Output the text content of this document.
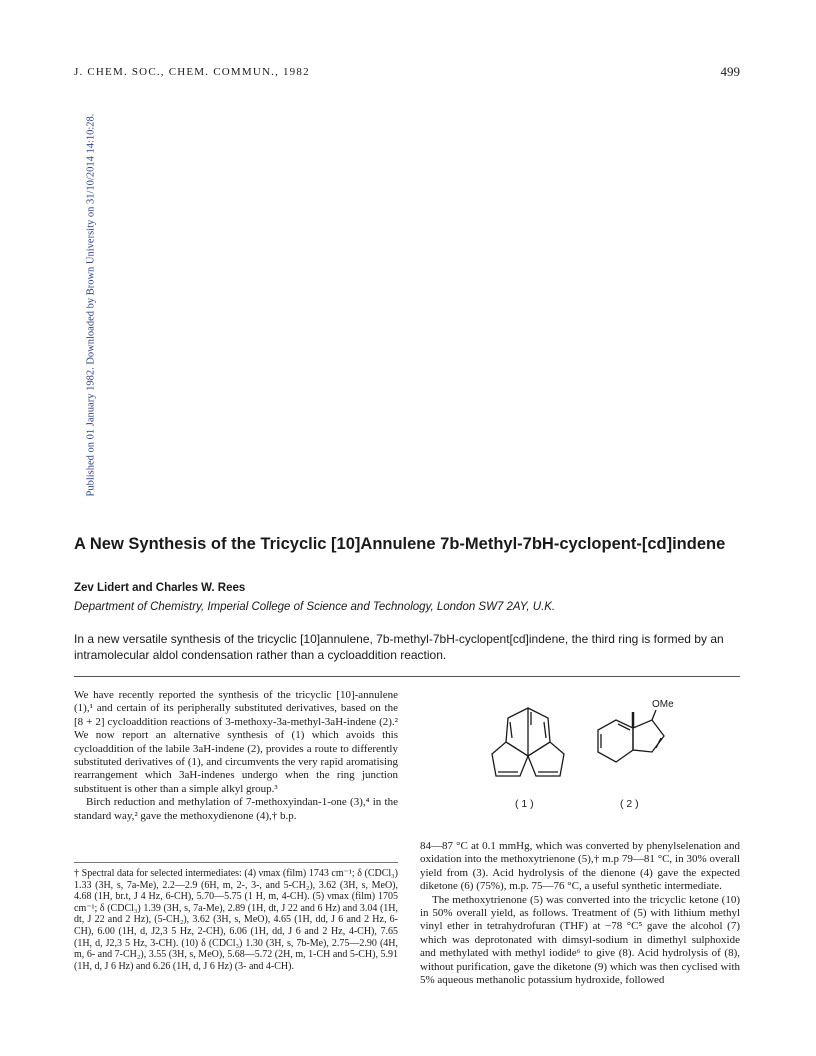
J. CHEM. SOC., CHEM. COMMUN., 1982	499
Published on 01 January 1982. Downloaded by Brown University on 31/10/2014 14:10:28.
A New Synthesis of the Tricyclic [10]Annulene 7b-Methyl-7bH-cyclopent-[cd]indene
Zev Lidert and Charles W. Rees
Department of Chemistry, Imperial College of Science and Technology, London SW7 2AY, U.K.
In a new versatile synthesis of the tricyclic [10]annulene, 7b-methyl-7bH-cyclopent[cd]indene, the third ring is formed by an intramolecular aldol condensation rather than a cycloaddition reaction.

We have recently reported the synthesis of the tricyclic [10]-annulene (1),¹ and certain of its peripherally substituted derivatives, based on the [8 + 2] cycloaddition reactions of 3-methoxy-3a-methyl-3aH-indene (2).² We now report an alternative synthesis of (1) which avoids this cycloaddition of the labile 3aH-indene (2), provides a route to differently substituted derivatives of (1), and circumvents the very rapid aromatising rearrangement which 3aH-indenes undergo when the ring junction substituent is other than a simple alkyl group.³

Birch reduction and methylation of 7-methoxyindan-1-one (3),⁴ in the standard way,² gave the methoxydienone (4),† b.p.

† Spectral data for selected intermediates: (4) νmax (film) 1743 cm⁻¹; δ (CDCl₃) 1.33 (3H, s, 7a-Me), 2.2—2.9 (6H, m, 2-, 3-, and 5-CH₂), 3.62 (3H, s, MeO), 4.68 (1H, br.t, J 4 Hz, 6-CH), 5.70—5.75 (1 H, m, 4-CH). (5) νmax (film) 1705 cm⁻¹; δ (CDCl₃) 1.39 (3H, s, 7a-Me), 2.89 (1H, dt, J 22 and 6 Hz) and 3.04 (1H, dt, J 22 and 2 Hz), (5-CH₂), 3.62 (3H, s, MeO), 4.65 (1H, dd, J 6 and 2 Hz, 6-CH), 6.00 (1H, d, J2,3 5 Hz, 2-CH), 6.06 (1H, dd, J 6 and 2 Hz, 4-CH), 7.65 (1H, d, J2,3 5 Hz, 3-CH). (10) δ (CDCl₃) 1.30 (3H, s, 7b-Me), 2.75—2.90 (4H, m, 6- and 7-CH₂), 3.55 (3H, s, MeO), 5.68—5.72 (2H, m, 1-CH and 5-CH), 5.91 (1H, d, J 6 Hz) and 6.26 (1H, d, J 6 Hz) (3- and 4-CH).
( 1 )
OMe
( 2 )

84—87 °C at 0.1 mmHg, which was converted by phenylselenation and oxidation into the methoxytrienone (5),† m.p 79—81 °C, in 30% overall yield from (3). Acid hydrolysis of the dienone (4) gave the expected diketone (6) (75%), m.p. 75—76 °C, a useful synthetic intermediate.

The methoxytrienone (5) was converted into the tricyclic ketone (10) in 50% overall yield, as follows. Treatment of (5) with lithium methyl vinyl ether in tetrahydrofuran (THF) at −78 °C⁵ gave the alcohol (7) which was deprotonated with dimsyl-sodium in dimethyl sulphoxide and methylated with methyl iodide⁶ to give (8). Acid hydrolysis of (8), without purification, gave the diketone (9) which was then cyclised with 5% aqueous methanolic potassium hydroxide, followed
